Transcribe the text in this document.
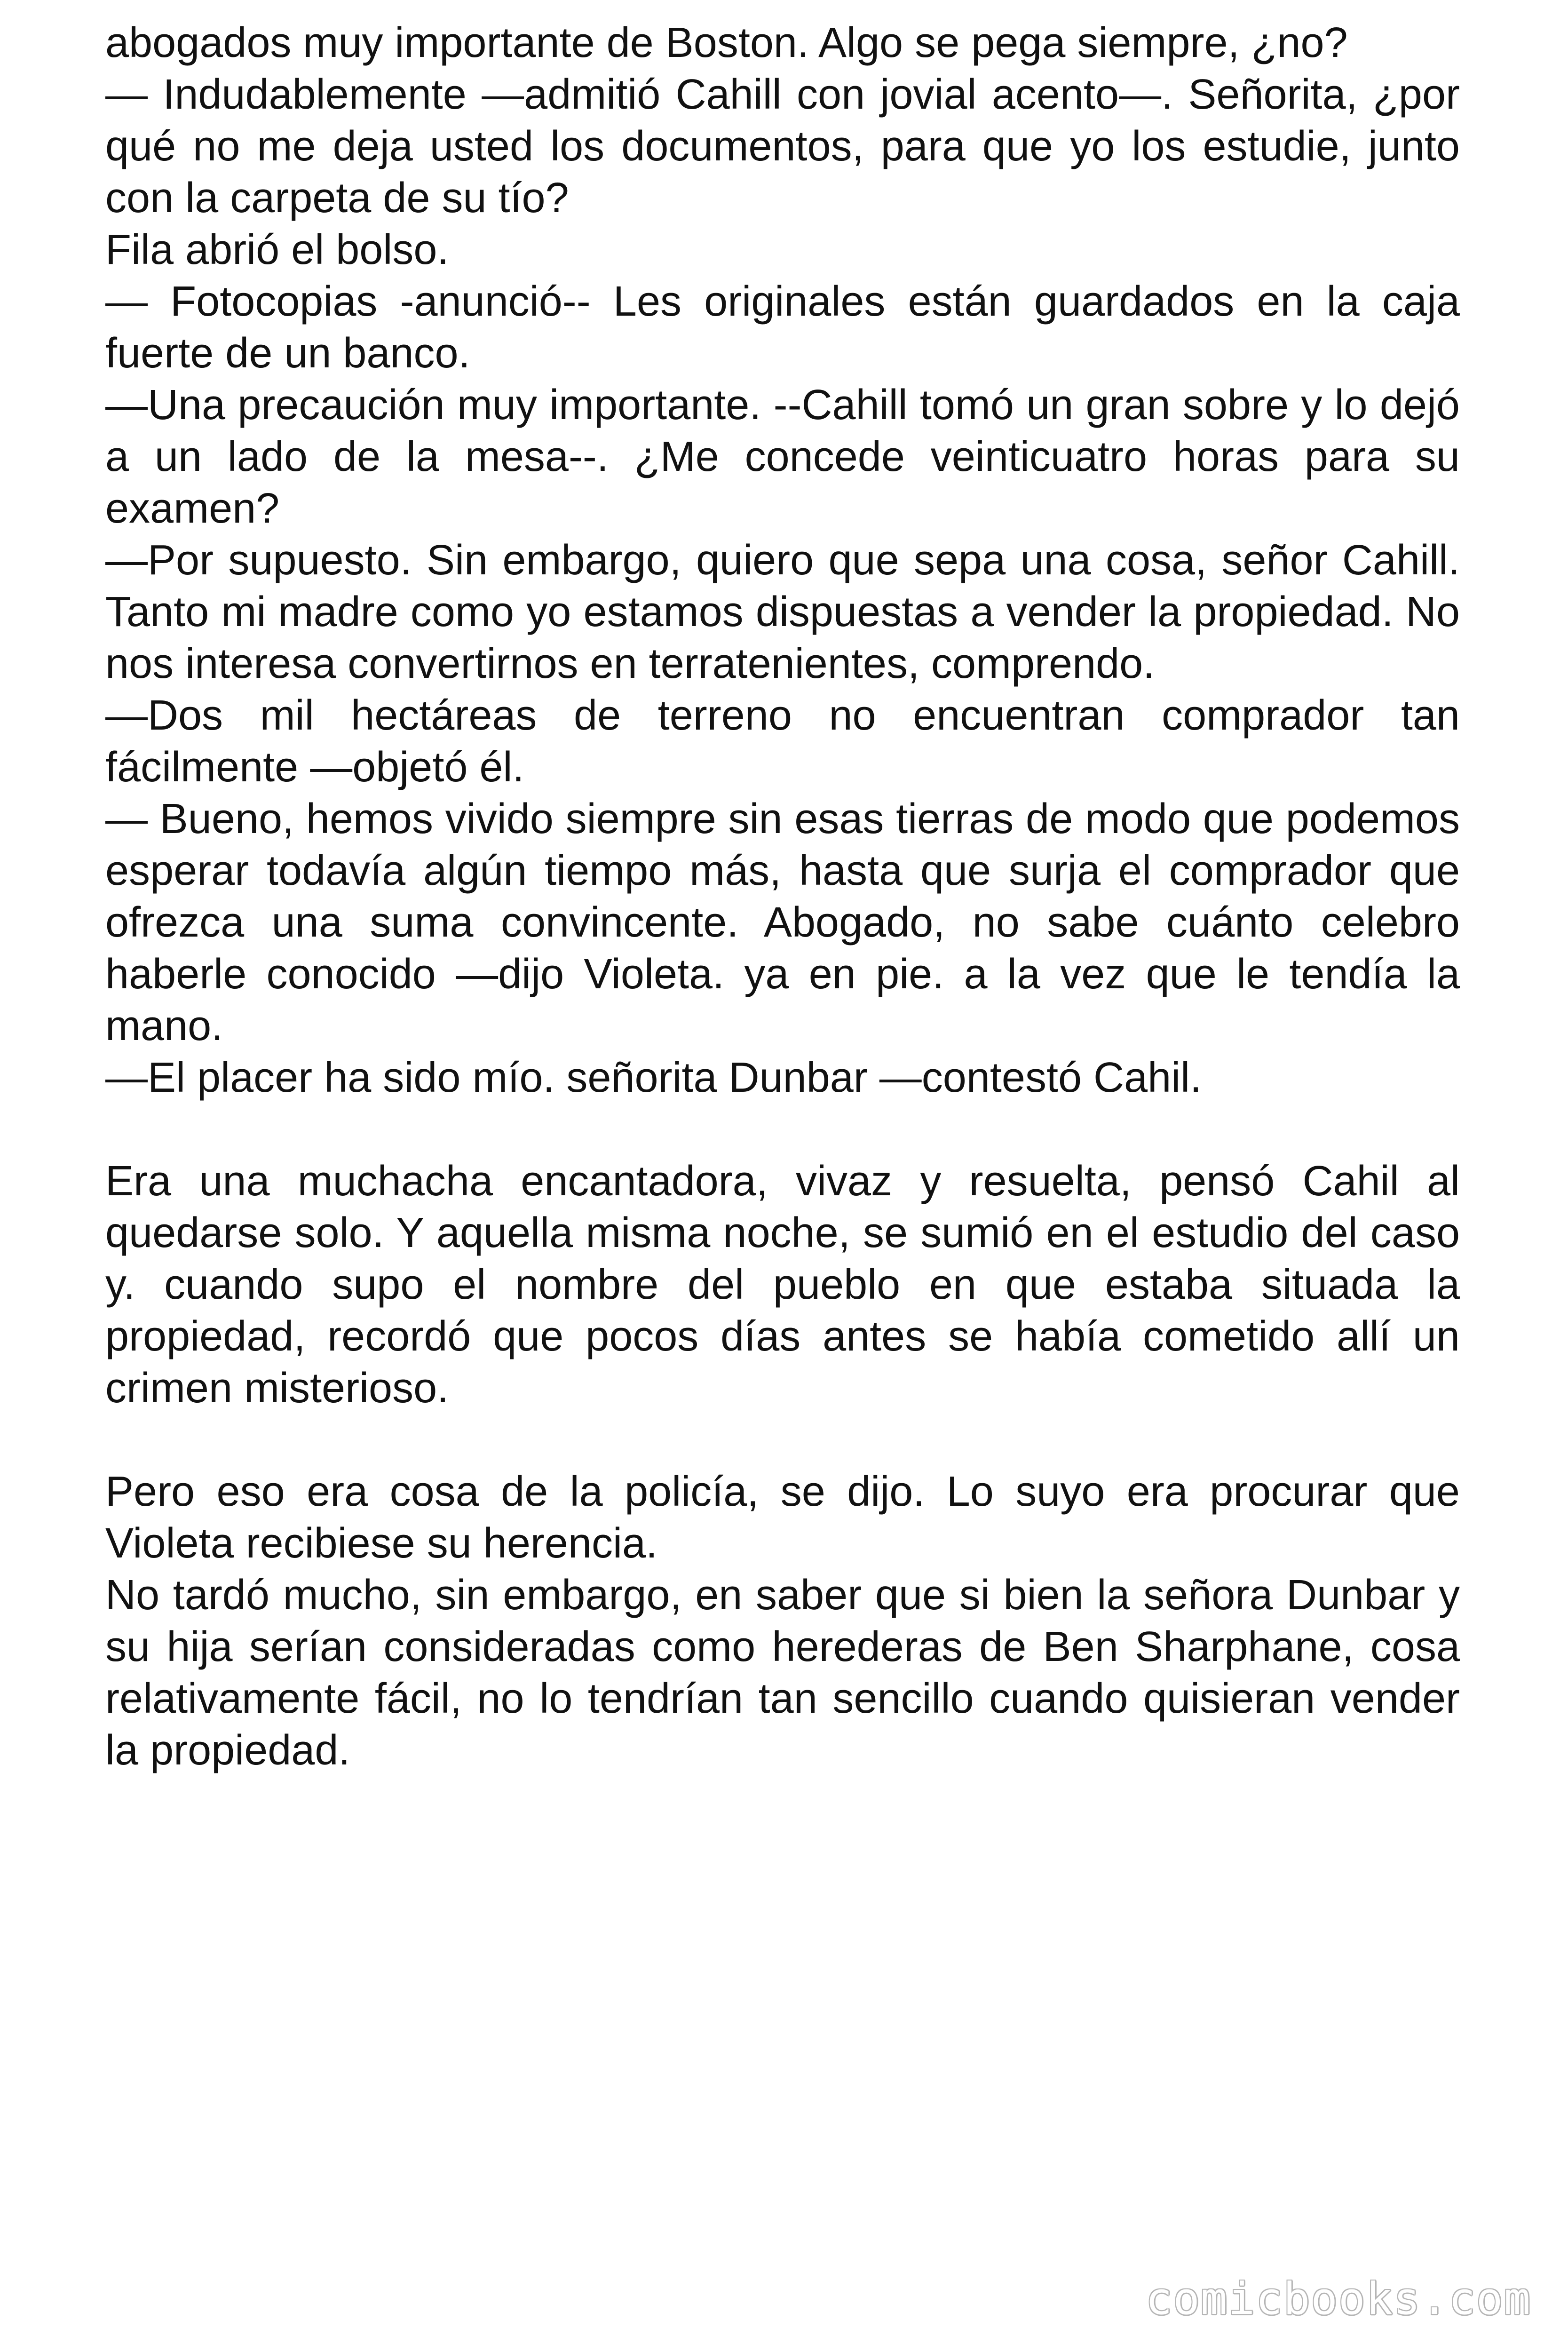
abogados muy importante de Boston. Algo se pega siempre, ¿no?

— Indudablemente —admitió Cahill con jovial acento—. Señorita, ¿por qué no me deja usted los documentos, para que yo los estudie, junto con la carpeta de su tío?

Fila abrió el bolso.

— Fotocopias -anunció-- Les originales están guardados en la caja fuerte de un banco.

—Una precaución muy importante. --Cahill tomó un gran sobre y lo dejó a un lado de la mesa--. ¿Me concede veinticuatro horas para su examen?

—Por supuesto. Sin embargo, quiero que sepa una cosa, señor Cahill. Tanto mi madre como yo estamos dispuestas a vender la propiedad. No nos interesa convertirnos en terratenientes, comprendo.

—Dos mil hectáreas de terreno no encuentran comprador tan fácilmente —objetó él.

— Bueno, hemos vivido siempre sin esas tierras de modo que podemos esperar todavía algún tiempo más, hasta que surja el comprador que ofrezca una suma convincente. Abogado, no sabe cuánto celebro haberle conocido —dijo Violeta. ya en pie. a la vez que le tendía la mano.

—El placer ha sido mío. señorita Dunbar —contestó Cahil.

Era una muchacha encantadora, vivaz y resuelta, pensó Cahil al quedarse solo. Y aquella misma noche, se sumió en el estudio del caso y. cuando supo el nombre del pueblo en que estaba situada la propiedad, recordó que pocos días antes se había cometido allí un crimen misterioso.

Pero eso era cosa de la policía, se dijo. Lo suyo era procurar que Violeta recibiese su herencia.

No tardó mucho, sin embargo, en saber que si bien la señora Dunbar y su hija serían consideradas como herederas de Ben Sharphane, cosa relativamente fácil, no lo tendrían tan sencillo cuando quisieran vender la propiedad.

comicbooks.com
